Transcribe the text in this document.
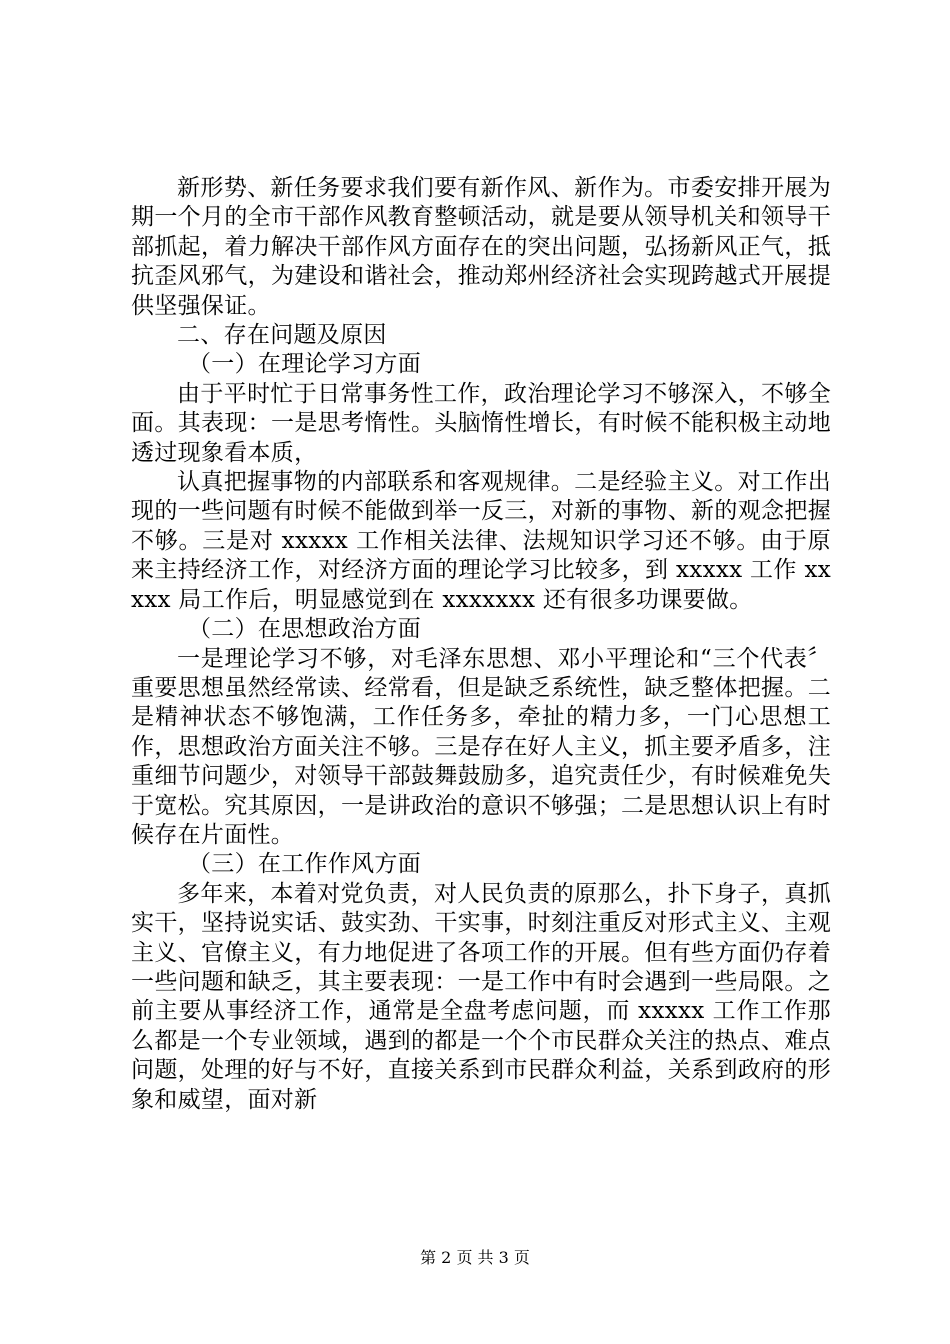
新形势、新任务要求我们要有新作风、新作为。市委安排开展为期一个月的全市干部作风教育整顿活动，就是要从领导机关和领导干部抓起，着力解决干部作风方面存在的突出问题，弘扬新风正气，抵抗歪风邪气，为建设和谐社会，推动郑州经济社会实现跨越式开展提供坚强保证。

二、存在问题及原因

（一）在理论学习方面

由于平时忙于日常事务性工作，政治理论学习不够深入，不够全面。其表现：一是思考惰性。头脑惰性增长，有时候不能积极主动地透过现象看本质，

认真把握事物的内部联系和客观规律。二是经验主义。对工作出现的一些问题有时候不能做到举一反三，对新的事物、新的观念把握不够。三是对 xxxxx 工作相关法律、法规知识学习还不够。由于原来主持经济工作，对经济方面的理论学习比较多，到 xxxxx 工作 xxxxx 局工作后，明显感觉到在 xxxxxxx 还有很多功课要做。

（二）在思想政治方面

一是理论学习不够，对毛泽东思想、邓小平理论和“三个代表〞重要思想虽然经常读、经常看，但是缺乏系统性，缺乏整体把握。二是精神状态不够饱满，工作任务多，牵扯的精力多，一门心思想工作，思想政治方面关注不够。三是存在好人主义，抓主要矛盾多，注重细节问题少，对领导干部鼓舞鼓励多，追究责任少，有时候难免失于宽松。究其原因，一是讲政治的意识不够强；二是思想认识上有时候存在片面性。

（三）在工作作风方面

多年来，本着对党负责，对人民负责的原那么，扑下身子，真抓实干，坚持说实话、鼓实劲、干实事，时刻注重反对形式主义、主观主义、官僚主义，有力地促进了各项工作的开展。但有些方面仍存着一些问题和缺乏，其主要表现：一是工作中有时会遇到一些局限。之前主要从事经济工作，通常是全盘考虑问题，而 xxxxx 工作工作那么都是一个专业领域，遇到的都是一个个市民群众关注的热点、难点问题，处理的好与不好，直接关系到市民群众利益，关系到政府的形象和威望，面对新

第 2 页 共 3 页
